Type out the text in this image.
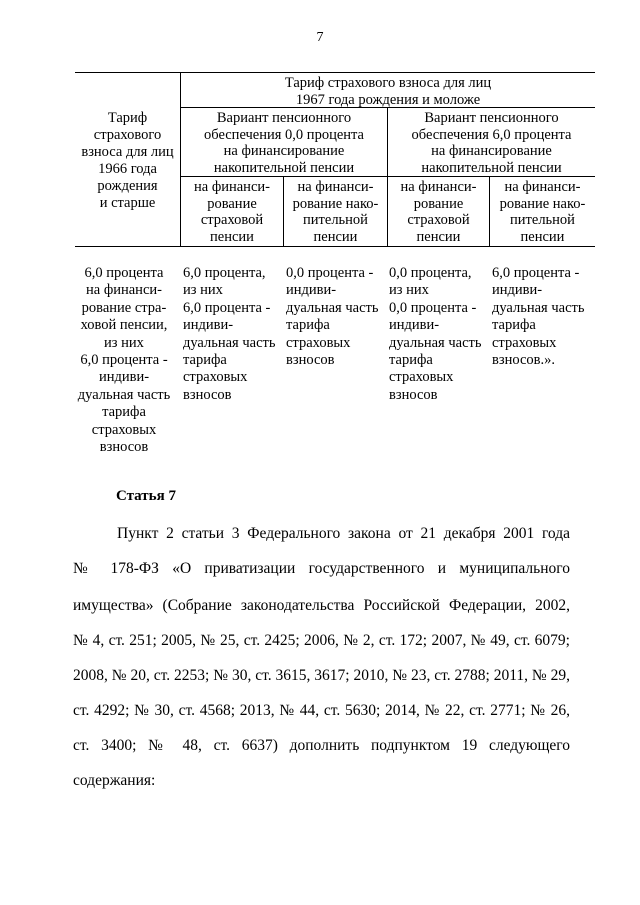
7
Тариф
страхового
взноса для лиц
1966 года
рождения
и старше
Тариф страхового взноса для лиц
1967 года рождения и моложе
Вариант пенсионного
обеспечения 0,0 процента
на финансирование
накопительной пенсии
Вариант пенсионного
обеспечения 6,0 процента
на финансирование
накопительной пенсии
на финанси-
рование
страховой
пенсии
на финанси-
рование нако-
пительной
пенсии
на финанси-
рование
страховой
пенсии
на финанси-
рование нако-
пительной
пенсии
6,0 процента
на финанси-
рование стра-
ховой пенсии,
из них
6,0 процента -
индиви-
дуальная часть
тарифа
страховых
взносов
6,0 процента,
из них
6,0 процента -
индиви-
дуальная часть
тарифа
страховых
взносов
0,0 процента -
индиви-
дуальная часть
тарифа
страховых
взносов
0,0 процента,
из них
0,0 процента -
индиви-
дуальная часть
тарифа
страховых
взносов
6,0 процента -
индиви-
дуальная часть
тарифа
страховых
взносов.».
Статья 7
Пункт 2 статьи 3 Федерального закона от 21 декабря 2001 года
№ 178-ФЗ «О приватизации государственного и муниципального
имущества» (Собрание законодательства Российской Федерации, 2002,
№ 4, ст. 251; 2005, № 25, ст. 2425; 2006, № 2, ст. 172; 2007, № 49, ст. 6079;
2008, № 20, ст. 2253; № 30, ст. 3615, 3617; 2010, № 23, ст. 2788; 2011, № 29,
ст. 4292; № 30, ст. 4568; 2013, № 44, ст. 5630; 2014, № 22, ст. 2771; № 26,
ст. 3400; № 48, ст. 6637) дополнить подпунктом 19 следующего
содержания:
